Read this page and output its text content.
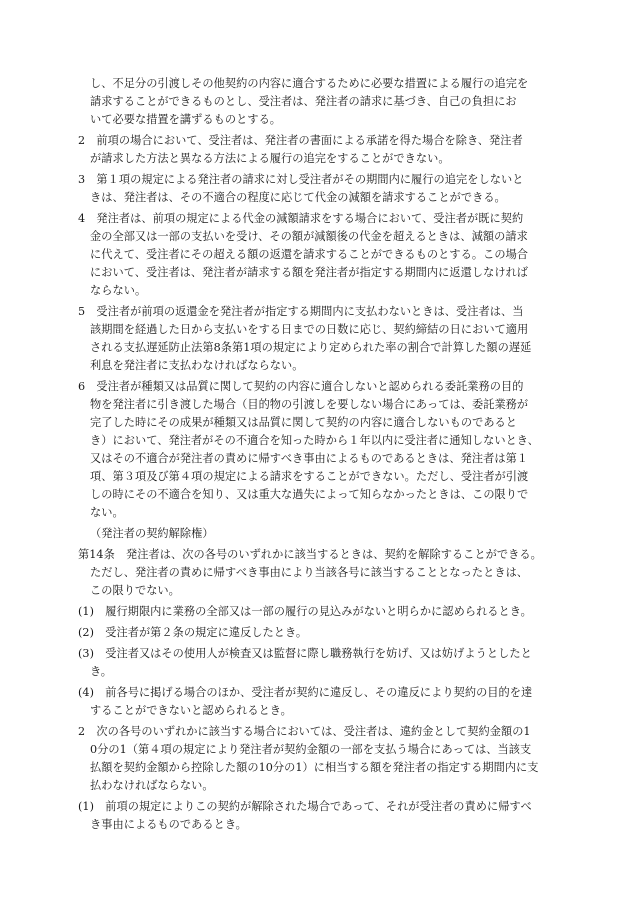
し、不足分の引渡しその他契約の内容に適合するために必要な措置による履行の追完を
請求することができるものとし、受注者は、発注者の請求に基づき、自己の負担にお
いて必要な措置を講ずるものとする。
2　前項の場合において、受注者は、発注者の書面による承諾を得た場合を除き、発注者
が請求した方法と異なる方法による履行の追完をすることができない。
3　第１項の規定による発注者の請求に対し受注者がその期間内に履行の追完をしないと
きは、発注者は、その不適合の程度に応じて代金の減額を請求することができる。
4　発注者は、前項の規定による代金の減額請求をする場合において、受注者が既に契約
金の全部又は一部の支払いを受け、その額が減額後の代金を超えるときは、減額の請求
に代えて、受注者にその超える額の返還を請求することができるものとする。この場合
において、受注者は、発注者が請求する額を発注者が指定する期間内に返還しなければ
ならない。
5　受注者が前項の返還金を発注者が指定する期間内に支払わないときは、受注者は、当
該期間を経過した日から支払いをする日までの日数に応じ、契約締結の日において適用
される支払遅延防止法第8条第1項の規定により定められた率の割合で計算した額の遅延
利息を発注者に支払わなければならない。
6　受注者が種類又は品質に関して契約の内容に適合しないと認められる委託業務の目的
物を発注者に引き渡した場合（目的物の引渡しを要しない場合にあっては、委託業務が
完了した時にその成果が種類又は品質に関して契約の内容に適合しないものであると
き）において、発注者がその不適合を知った時から１年以内に受注者に通知しないとき、
又はその不適合が発注者の責めに帰すべき事由によるものであるときは、発注者は第１
項、第３項及び第４項の規定による請求をすることができない。ただし、受注者が引渡
しの時にその不適合を知り、又は重大な過失によって知らなかったときは、この限りで
ない。
（発注者の契約解除権）
第14条　発注者は、次の各号のいずれかに該当するときは、契約を解除することができる。
ただし、発注者の責めに帰すべき事由により当該各号に該当することとなったときは、
この限りでない。
(1)　履行期限内に業務の全部又は一部の履行の見込みがないと明らかに認められるとき。
(2)　受注者が第２条の規定に違反したとき。
(3)　受注者又はその使用人が検査又は監督に際し職務執行を妨げ、又は妨げようとしたと
き。
(4)　前各号に掲げる場合のほか、受注者が契約に違反し、その違反により契約の目的を達
することができないと認められるとき。
2　次の各号のいずれかに該当する場合においては、受注者は、違約金として契約金額の1
0分の1（第４項の規定により発注者が契約金額の一部を支払う場合にあっては、当該支
払額を契約金額から控除した額の10分の1）に相当する額を発注者の指定する期間内に支
払わなければならない。
(1)　前項の規定によりこの契約が解除された場合であって、それが受注者の責めに帰すべ
き事由によるものであるとき。
